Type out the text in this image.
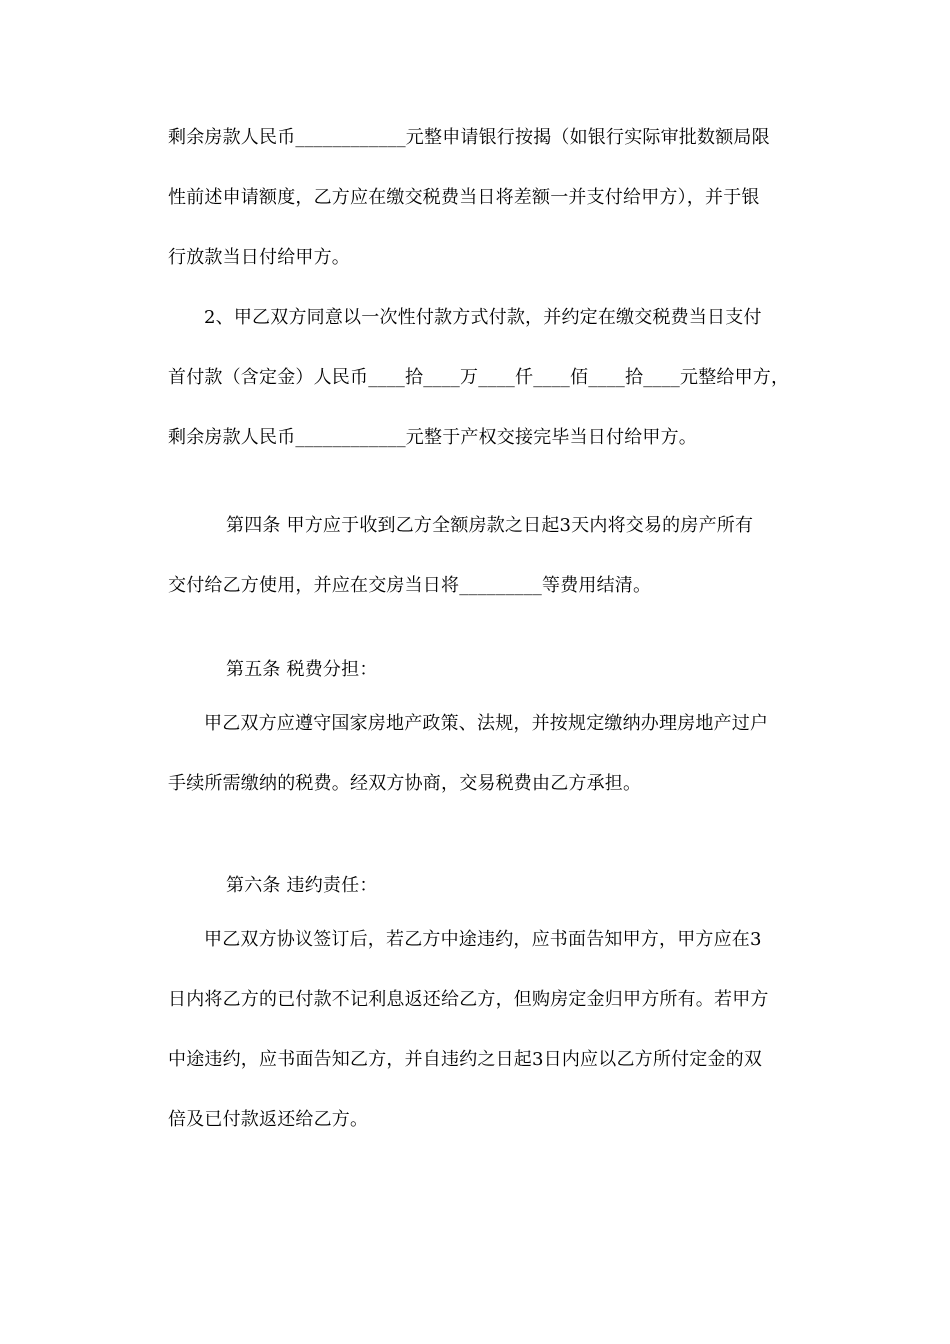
剩余房款人民币____________元整申请银行按揭（如银行实际审批数额局限
性前述申请额度，乙方应在缴交税费当日将差额一并支付给甲方），并于银
行放款当日付给甲方。
2、甲乙双方同意以一次性付款方式付款，并约定在缴交税费当日支付
首付款（含定金）人民币____拾____万____仟____佰____拾____元整给甲方，
剩余房款人民币____________元整于产权交接完毕当日付给甲方。
第四条 甲方应于收到乙方全额房款之日起3天内将交易的房产所有
交付给乙方使用，并应在交房当日将_________等费用结清。
第五条 税费分担：
甲乙双方应遵守国家房地产政策、法规，并按规定缴纳办理房地产过户
手续所需缴纳的税费。经双方协商，交易税费由乙方承担。
第六条 违约责任：
甲乙双方协议签订后，若乙方中途违约，应书面告知甲方，甲方应在3
日内将乙方的已付款不记利息返还给乙方，但购房定金归甲方所有。若甲方
中途违约，应书面告知乙方，并自违约之日起3日内应以乙方所付定金的双
倍及已付款返还给乙方。
